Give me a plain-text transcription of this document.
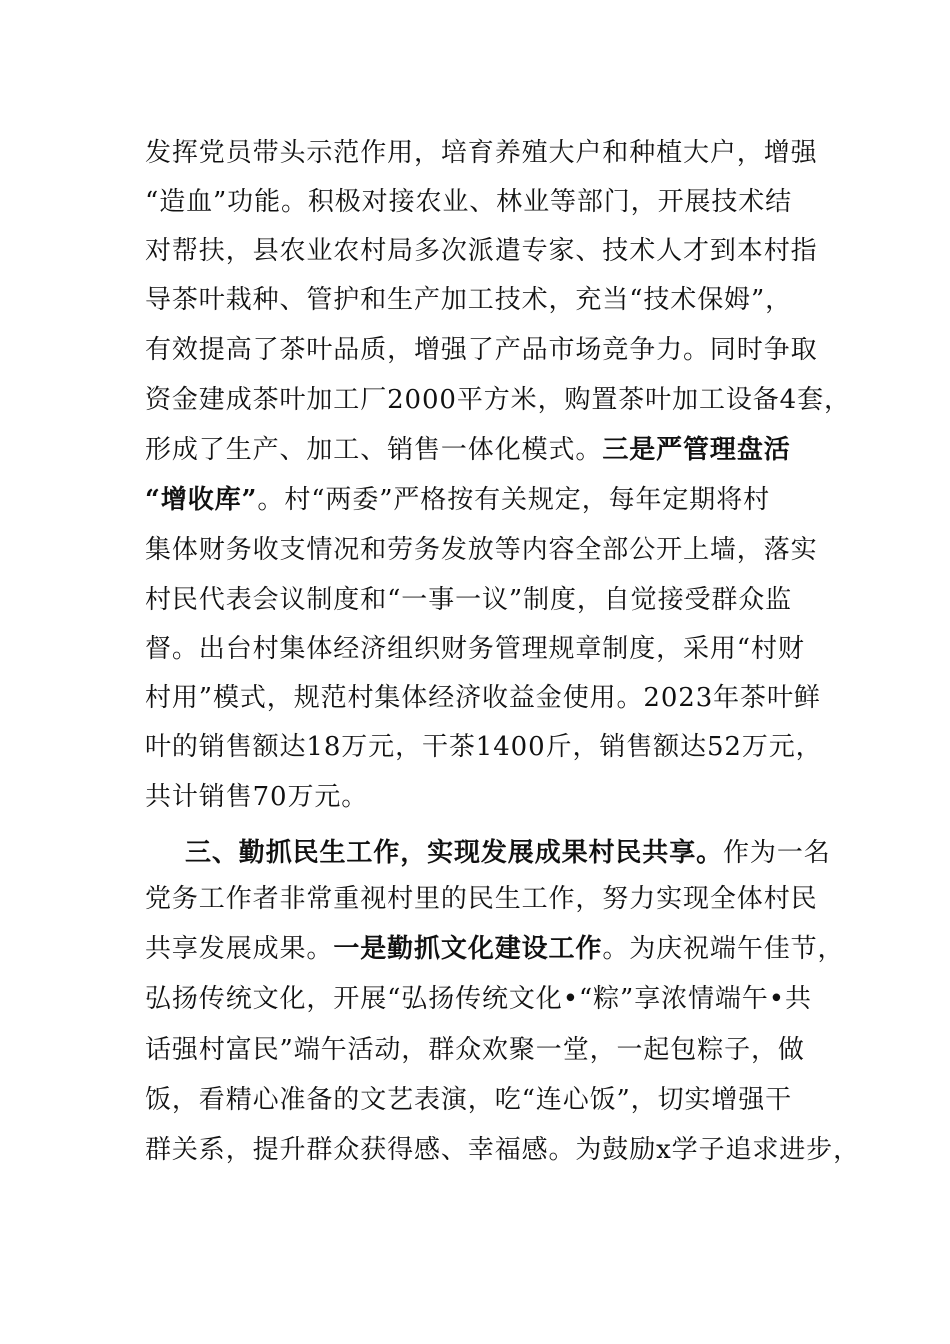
发挥党员带头示范作用，培育养殖大户和种植大户，增强
“造血”功能。积极对接农业、林业等部门，开展技术结
对帮扶，县农业农村局多次派遣专家、技术人才到本村指
导茶叶栽种、管护和生产加工技术，充当“技术保姆”，
有效提高了茶叶品质，增强了产品市场竞争力。同时争取
资金建成茶叶加工厂2000平方米，购置茶叶加工设备4套，
形成了生产、加工、销售一体化模式。三是严管理盘活
“增收库”。村“两委”严格按有关规定，每年定期将村
集体财务收支情况和劳务发放等内容全部公开上墙，落实
村民代表会议制度和“一事一议”制度，自觉接受群众监
督。出台村集体经济组织财务管理规章制度，采用“村财
村用”模式，规范村集体经济收益金使用。2023年茶叶鲜
叶的销售额达18万元，干茶1400斤，销售额达52万元，
共计销售70万元。
三、勤抓民生工作，实现发展成果村民共享。作为一名
党务工作者非常重视村里的民生工作，努力实现全体村民
共享发展成果。一是勤抓文化建设工作。为庆祝端午佳节，
弘扬传统文化，开展“弘扬传统文化•“粽”享浓情端午•共
话强村富民”端午活动，群众欢聚一堂，一起包粽子，做
饭，看精心准备的文艺表演，吃“连心饭”，切实增强干
群关系，提升群众获得感、幸福感。为鼓励x学子追求进步，
